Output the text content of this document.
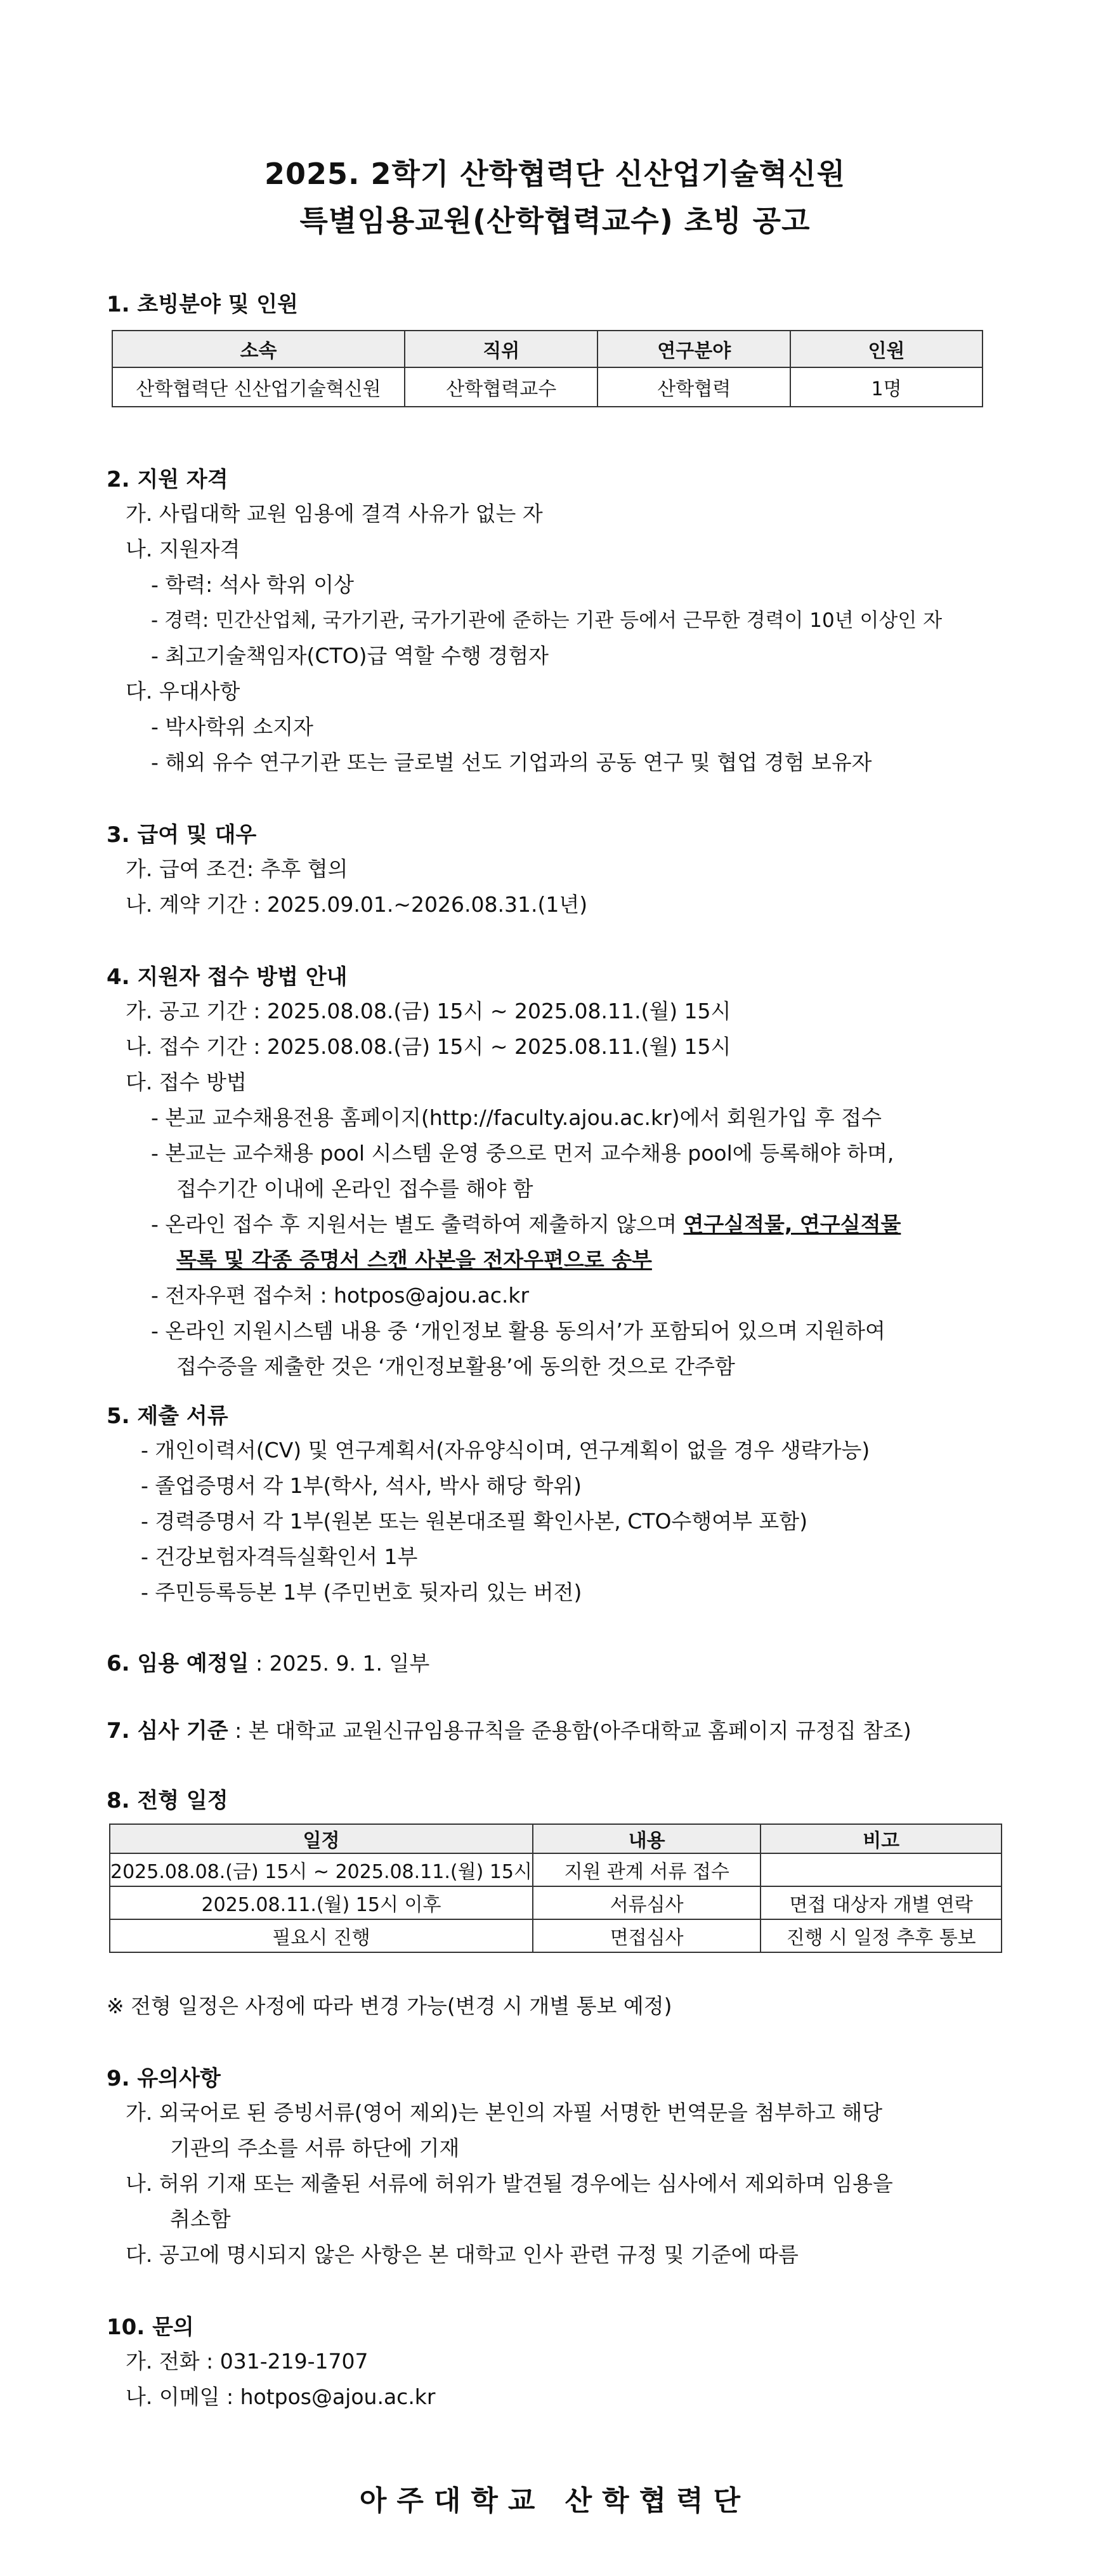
2025. 2학기 산학협력단 신산업기술혁신원
특별임용교원(산학협력교수) 초빙 공고
1. 초빙분야 및 인원
소속	직위	연구분야	인원
산학협력단 신산업기술혁신원	산학협력교수	산학협력	1명
2. 지원 자격
가. 사립대학 교원 임용에 결격 사유가 없는 자
나. 지원자격
- 학력: 석사 학위 이상
- 경력: 민간산업체, 국가기관, 국가기관에 준하는 기관 등에서 근무한 경력이 10년 이상인 자
- 최고기술책임자(CTO)급 역할 수행 경험자
다. 우대사항
- 박사학위 소지자
- 해외 유수 연구기관 또는 글로벌 선도 기업과의 공동 연구 및 협업 경험 보유자
3. 급여 및 대우
가. 급여 조건: 추후 협의
나. 계약 기간 : 2025.09.01.~2026.08.31.(1년)
4. 지원자 접수 방법 안내
가. 공고 기간 : 2025.08.08.(금) 15시 ~ 2025.08.11.(월) 15시
나. 접수 기간 : 2025.08.08.(금) 15시 ~ 2025.08.11.(월) 15시
다. 접수 방법
- 본교 교수채용전용 홈페이지(http://faculty.ajou.ac.kr)에서 회원가입 후 접수
- 본교는 교수채용 pool 시스템 운영 중으로 먼저 교수채용 pool에 등록해야 하며,
접수기간 이내에 온라인 접수를 해야 함
- 온라인 접수 후 지원서는 별도 출력하여 제출하지 않으며 연구실적물, 연구실적물
목록 및 각종 증명서 스캔 사본을 전자우편으로 송부
- 전자우편 접수처 : hotpos@ajou.ac.kr
- 온라인 지원시스템 내용 중 ‘개인정보 활용 동의서’가 포함되어 있으며 지원하여
접수증을 제출한 것은 ‘개인정보활용’에 동의한 것으로 간주함
5. 제출 서류
- 개인이력서(CV) 및 연구계획서(자유양식이며, 연구계획이 없을 경우 생략가능)
- 졸업증명서 각 1부(학사, 석사, 박사 해당 학위)
- 경력증명서 각 1부(원본 또는 원본대조필 확인사본, CTO수행여부 포함)
- 건강보험자격득실확인서 1부
- 주민등록등본 1부 (주민번호 뒷자리 있는 버전)
6. 임용 예정일 : 2025. 9. 1. 일부
7. 심사 기준 : 본 대학교 교원신규임용규칙을 준용함(아주대학교 홈페이지 규정집 참조)
8. 전형 일정
일정	내용	비고
2025.08.08.(금) 15시 ~ 2025.08.11.(월) 15시	지원 관계 서류 접수	
2025.08.11.(월) 15시 이후	서류심사	면접 대상자 개별 연락
필요시 진행	면접심사	진행 시 일정 추후 통보
※ 전형 일정은 사정에 따라 변경 가능(변경 시 개별 통보 예정)
9. 유의사항
가. 외국어로 된 증빙서류(영어 제외)는 본인의 자필 서명한 번역문을 첨부하고 해당
기관의 주소를 서류 하단에 기재
나. 허위 기재 또는 제출된 서류에 허위가 발견될 경우에는 심사에서 제외하며 임용을
취소함
다. 공고에 명시되지 않은 사항은 본 대학교 인사 관련 규정 및 기준에 따름
10. 문의
가. 전화 : 031-219-1707
나. 이메일 : hotpos@ajou.ac.kr
아주대학교 산학협력단
